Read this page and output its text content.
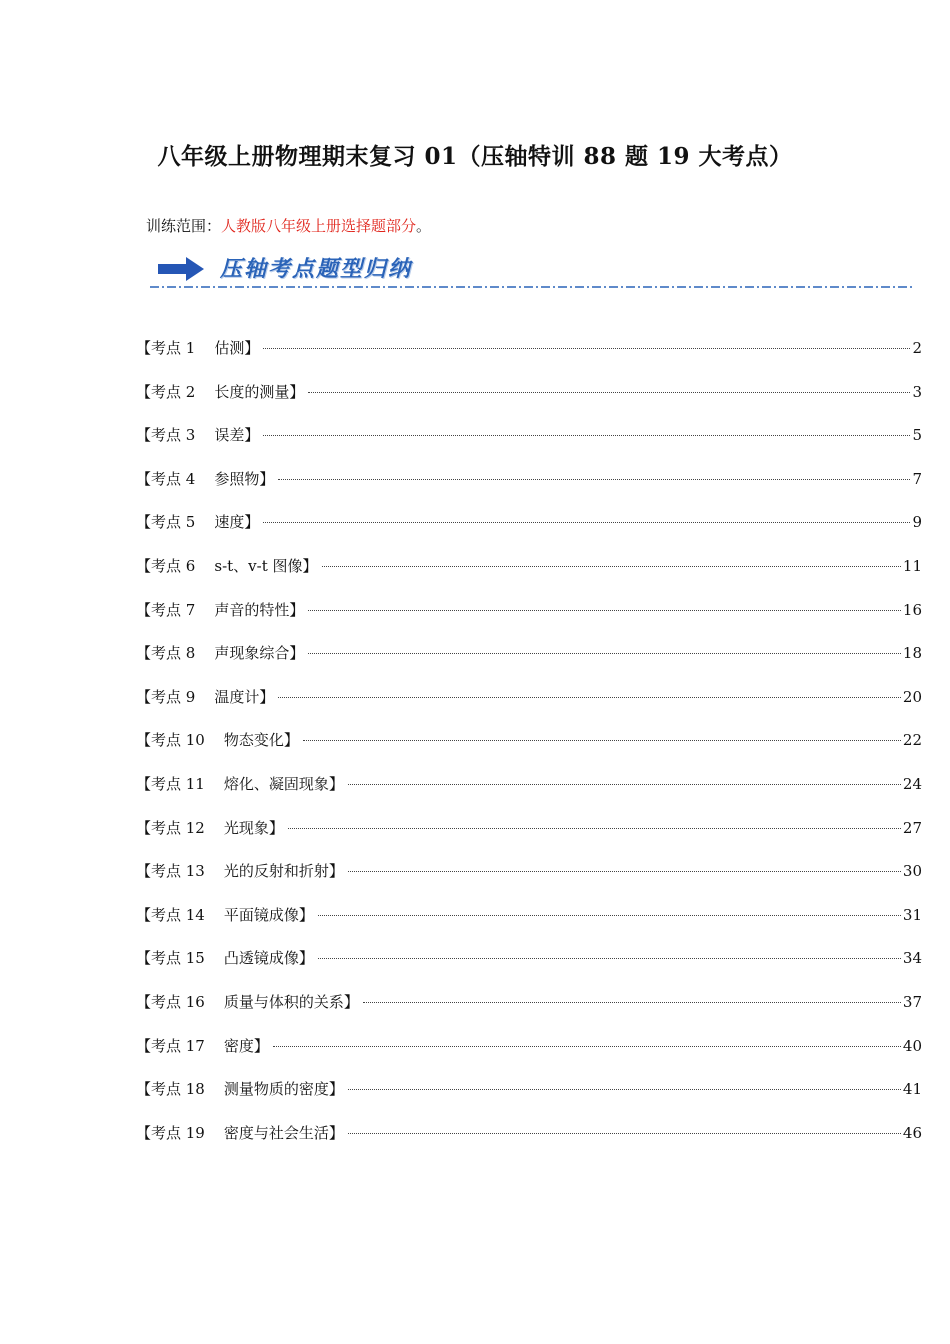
八年级上册物理期末复习 01（压轴特训 88 题 19 大考点）
训练范围：人教版八年级上册选择题部分。
压轴考点题型归纳
【考点 1    估测】	2
【考点 2    长度的测量】	3
【考点 3    误差】	5
【考点 4    参照物】	7
【考点 5    速度】	9
【考点 6    s-t、v-t 图像】	11
【考点 7    声音的特性】	16
【考点 8    声现象综合】	18
【考点 9    温度计】	20
【考点 10    物态变化】	22
【考点 11    熔化、凝固现象】	24
【考点 12    光现象】	27
【考点 13    光的反射和折射】	30
【考点 14    平面镜成像】	31
【考点 15    凸透镜成像】	34
【考点 16    质量与体积的关系】	37
【考点 17    密度】	40
【考点 18    测量物质的密度】	41
【考点 19    密度与社会生活】	46
